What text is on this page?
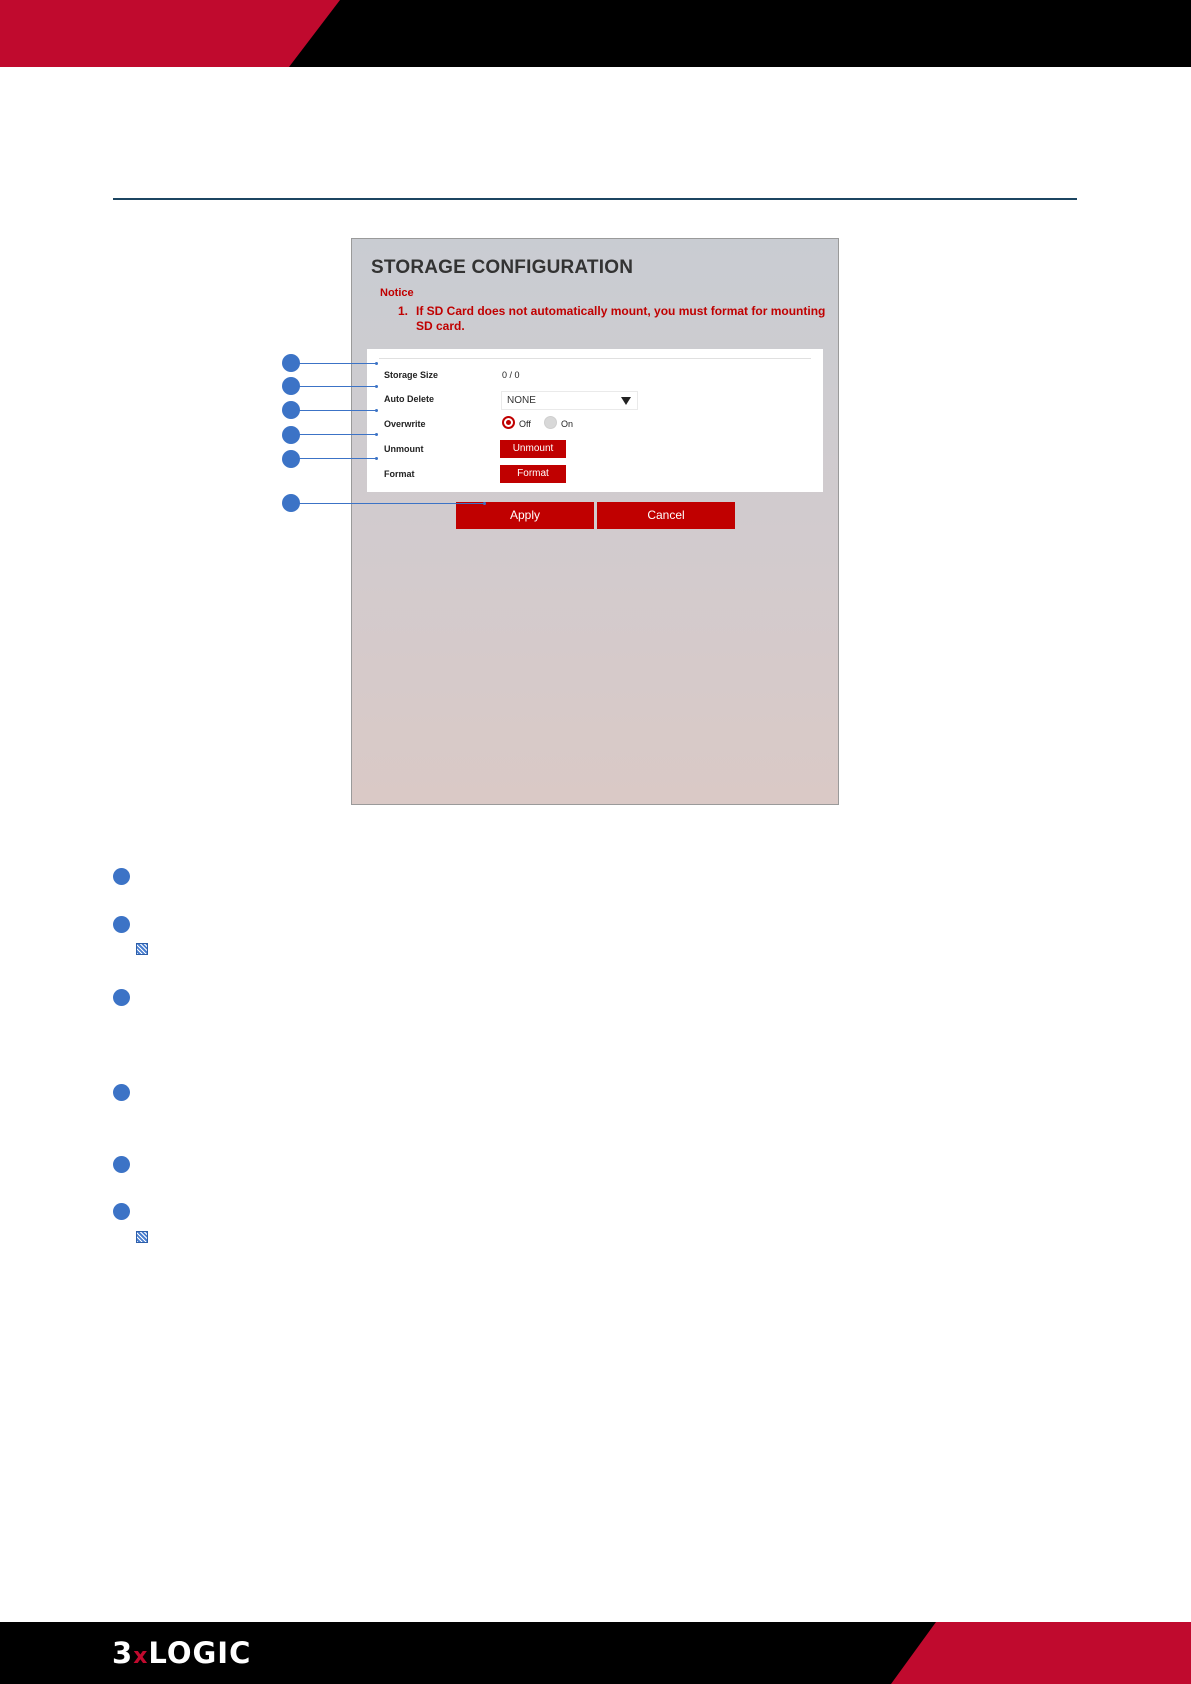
STORAGE CONFIGURATION
Notice
1. If SD Card does not automatically mount, you must format for mounting SD card.
Storage Size	0 / 0
Auto Delete	NONE
Overwrite	Off	On
Unmount	Unmount
Format	Format
Apply	Cancel
3xLOGIC
